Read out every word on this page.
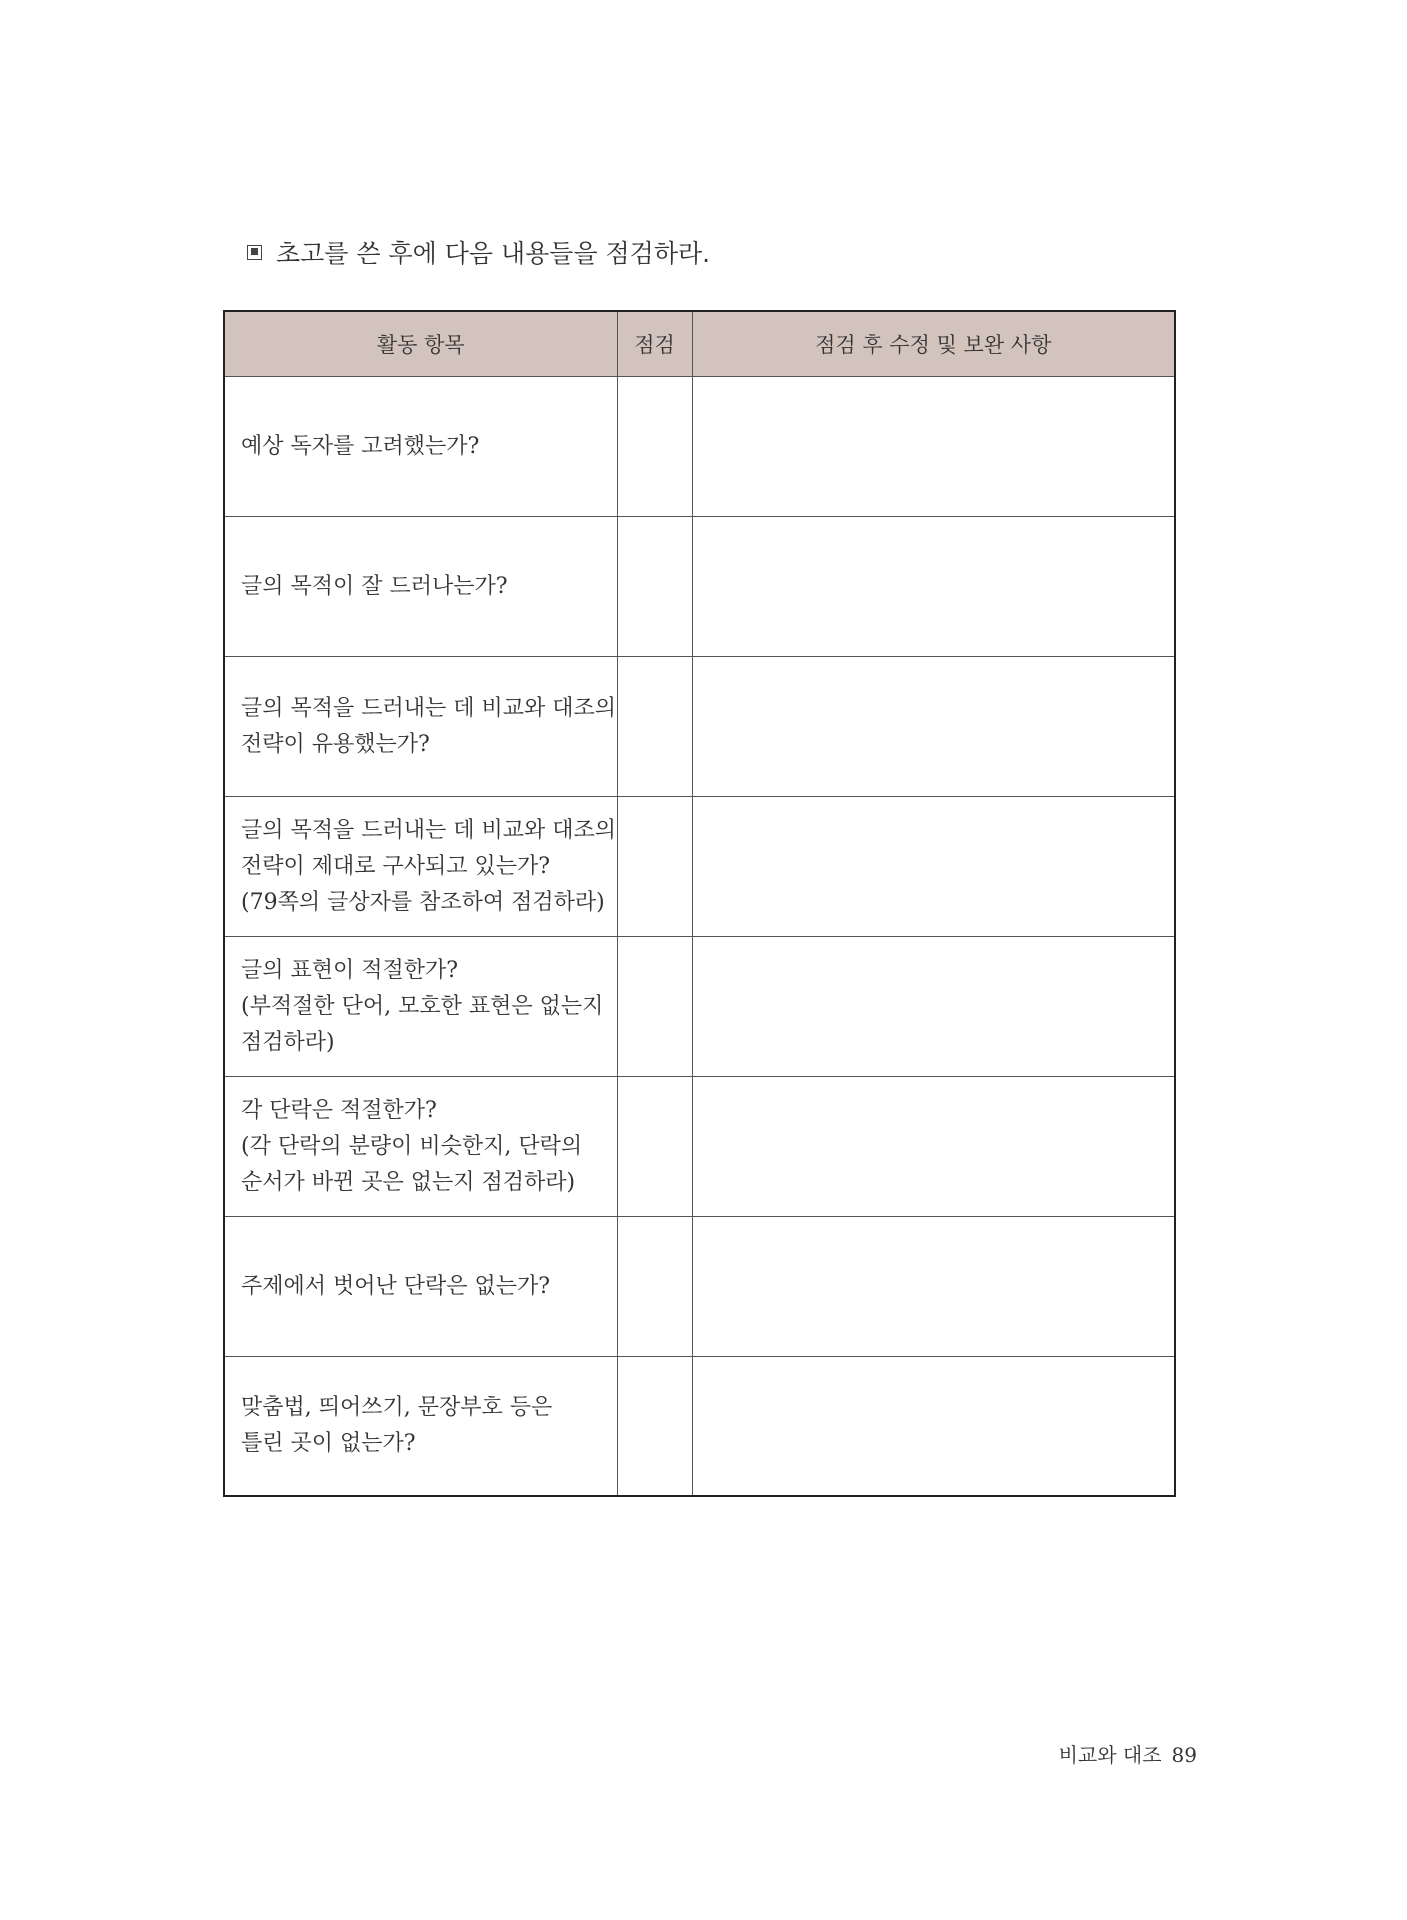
초고를 쓴 후에 다음 내용들을 점검하라.
활동 항목	점검	점검 후 수정 및 보완 사항

예상 독자를 고려했는가?		

글의 목적이 잘 드러나는가?		

글의 목적을 드러내는 데 비교와 대조의
전략이 유용했는가?		

글의 목적을 드러내는 데 비교와 대조의
전략이 제대로 구사되고 있는가?
(79쪽의 글상자를 참조하여 점검하라)		

글의 표현이 적절한가?
(부적절한 단어, 모호한 표현은 없는지
점검하라)		

각 단락은 적절한가?
(각 단락의 분량이 비슷한지, 단락의
순서가 바뀐 곳은 없는지 점검하라)		

주제에서 벗어난 단락은 없는가?		

맞춤법, 띄어쓰기, 문장부호 등은
틀린 곳이 없는가?		

비교와 대조 89
